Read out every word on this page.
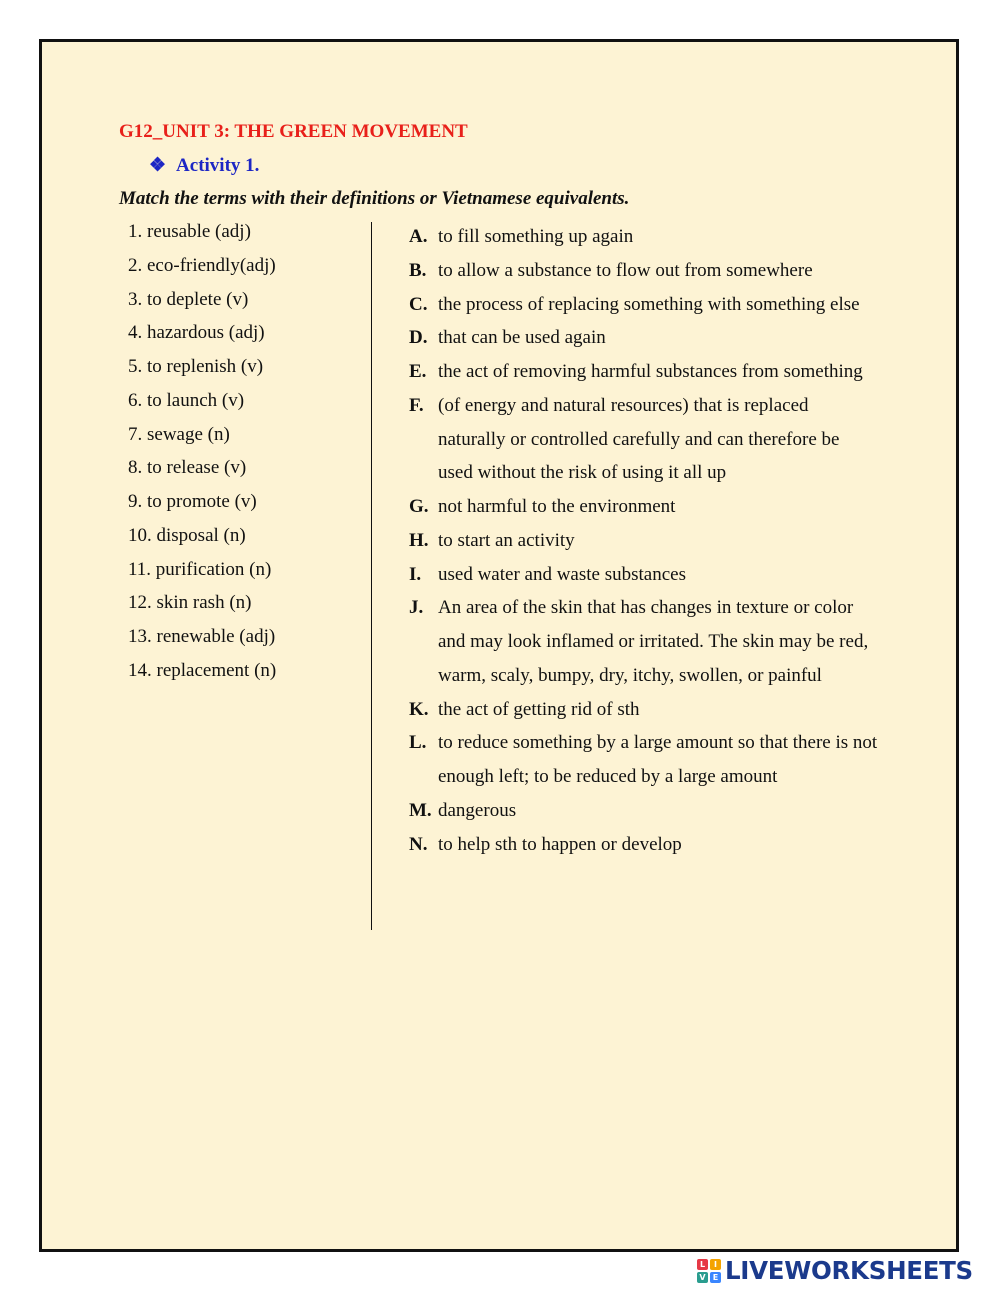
G12_UNIT 3: THE GREEN MOVEMENT
❖ Activity 1.
Match the terms with their definitions or Vietnamese equivalents.
1. reusable (adj)
2. eco-friendly(adj)
3. to deplete (v)
4. hazardous (adj)
5. to replenish (v)
6. to launch (v)
7. sewage (n)
8. to release (v)
9. to promote (v)
10. disposal (n)
11. purification (n)
12. skin rash (n)
13. renewable (adj)
14. replacement (n)
A. to fill something up again
B. to allow a substance to flow out from somewhere
C. the process of replacing something with something else
D. that can be used again
E. the act of removing harmful substances from something
F. (of energy and natural resources) that is replaced naturally or controlled carefully and can therefore be used without the risk of using it all up
G. not harmful to the environment
H. to start an activity
I. used water and waste substances
J. An area of the skin that has changes in texture or color and may look inflamed or irritated. The skin may be red, warm, scaly, bumpy, dry, itchy, swollen, or painful
K. the act of getting rid of sth
L. to reduce something by a large amount so that there is not enough left; to be reduced by a large amount
M. dangerous
N. to help sth to happen or develop
L	I
V E LIVEWORKSHEETS
